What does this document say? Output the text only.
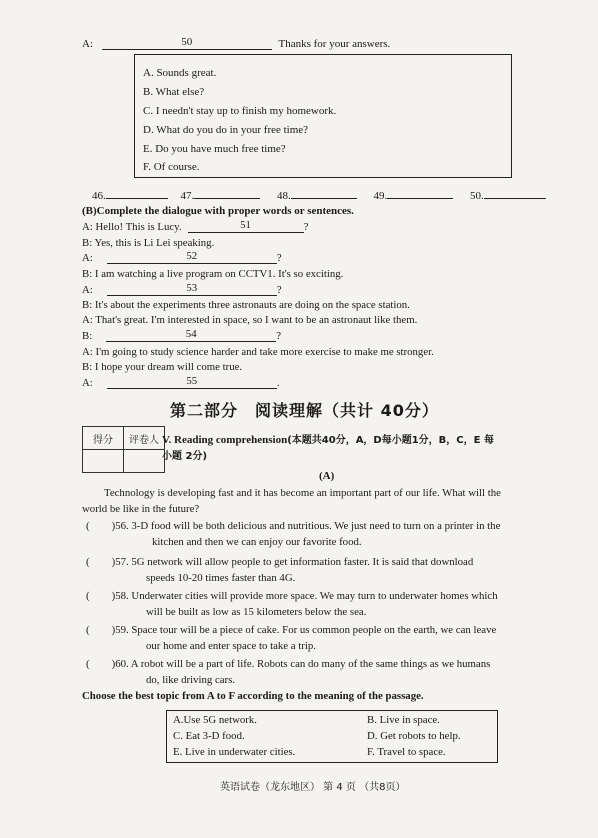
A:	50	Thanks for your answers.
A. Sounds great.
B. What else?
C. I needn't stay up to finish my homework.
D. What do you do in your free time?
E. Do you have much free time?
F. Of course.
46.	47.	48.	49.	50.
(B)Complete the dialogue with proper words or sentences.
A: Hello! This is Lucy.	51	?
B: Yes, this is Li Lei speaking.
A:	52	?
B: I am watching a live program on CCTV1. It's so exciting.
A:	53	?
B: It's about the experiments three astronauts are doing on the space station.
A: That's great. I'm interested in space, so I want to be an astronaut like them.
B:	54	?
A: I'm going to study science harder and take more exercise to make me stronger.
B: I hope your dream will come true.
A:	55	.
第二部分　阅读理解（共计 40分）
得分	评卷人
	V. Reading comprehension(本题共40分，A，D每小题1分，B，C，E 每
小题 2分)
(A)
Technology is developing fast and it has become an important part of our life. What will the
world be like in the future?
( )56. 3-D food will be both delicious and nutritious. We just need to turn on a printer in the
kitchen and then we can enjoy our favorite food.
( )57. 5G network will allow people to get information faster. It is said that download
speeds 10-20 times faster than 4G.
( )58. Underwater cities will provide more space. We may turn to underwater homes which
will be built as low as 15 kilometers below the sea.
( )59. Space tour will be a piece of cake. For us common people on the earth, we can leave
our home and enter space to take a trip.
( )60. A robot will be a part of life. Robots can do many of the same things as we humans
do, like driving cars.
Choose the best topic from A to F according to the meaning of the passage.
A.Use 5G network.	B. Live in space.
C. Eat 3-D food.	D. Get robots to help.
E. Live in underwater cities.	F. Travel to space.
英语试卷（龙东地区） 第 4 页 （共8页）
